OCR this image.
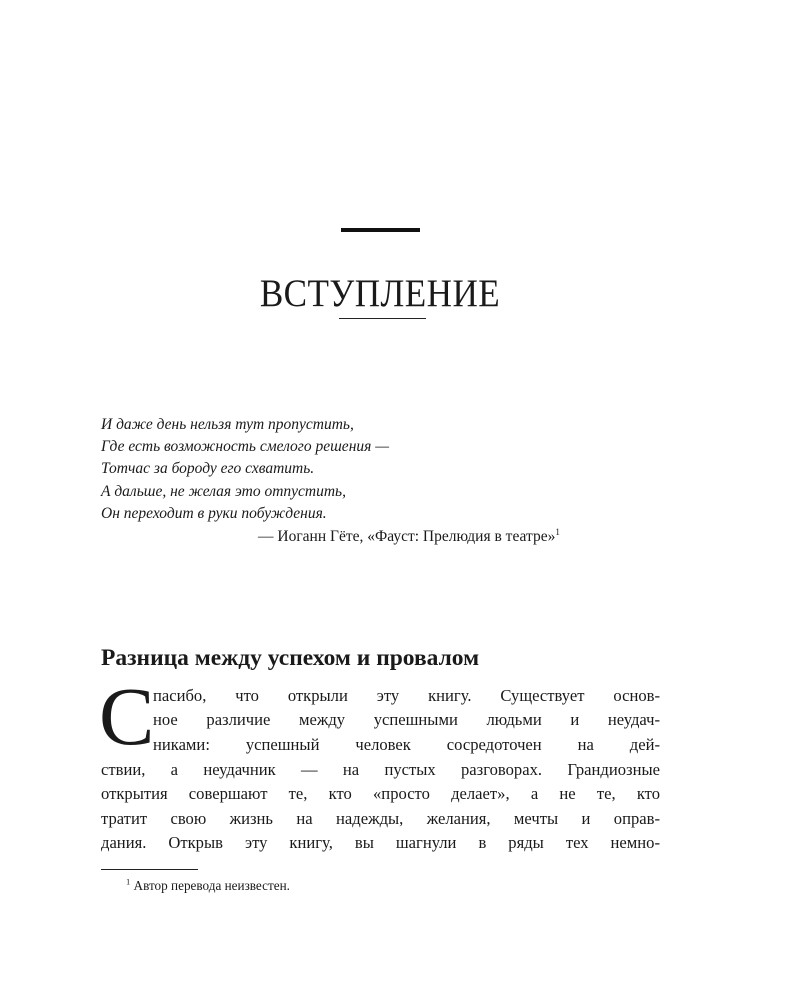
ВСТУПЛЕНИЕ
И даже день нельзя тут пропустить,
Где есть возможность смелого решения —
Тотчас за бороду его схватить.
А дальше, не желая это отпустить,
Он переходит в руки побуждения.
— Иоганн Гёте, «Фауст: Прелюдия в театре»$^1$
Разница между успехом и провалом
С
пасибо, что открыли эту книгу. Существует основ-
ное различие между успешными людьми и неудач-
никами: успешный человек сосредоточен на дей-
ствии, а неудачник — на пустых разговорах. Грандиозные
открытия совершают те, кто «просто делает», а не те, кто
тратит свою жизнь на надежды, желания, мечты и оправ-
дания. Открыв эту книгу, вы шагнули в ряды тех немно-
$^1$ Автор перевода неизвестен.
